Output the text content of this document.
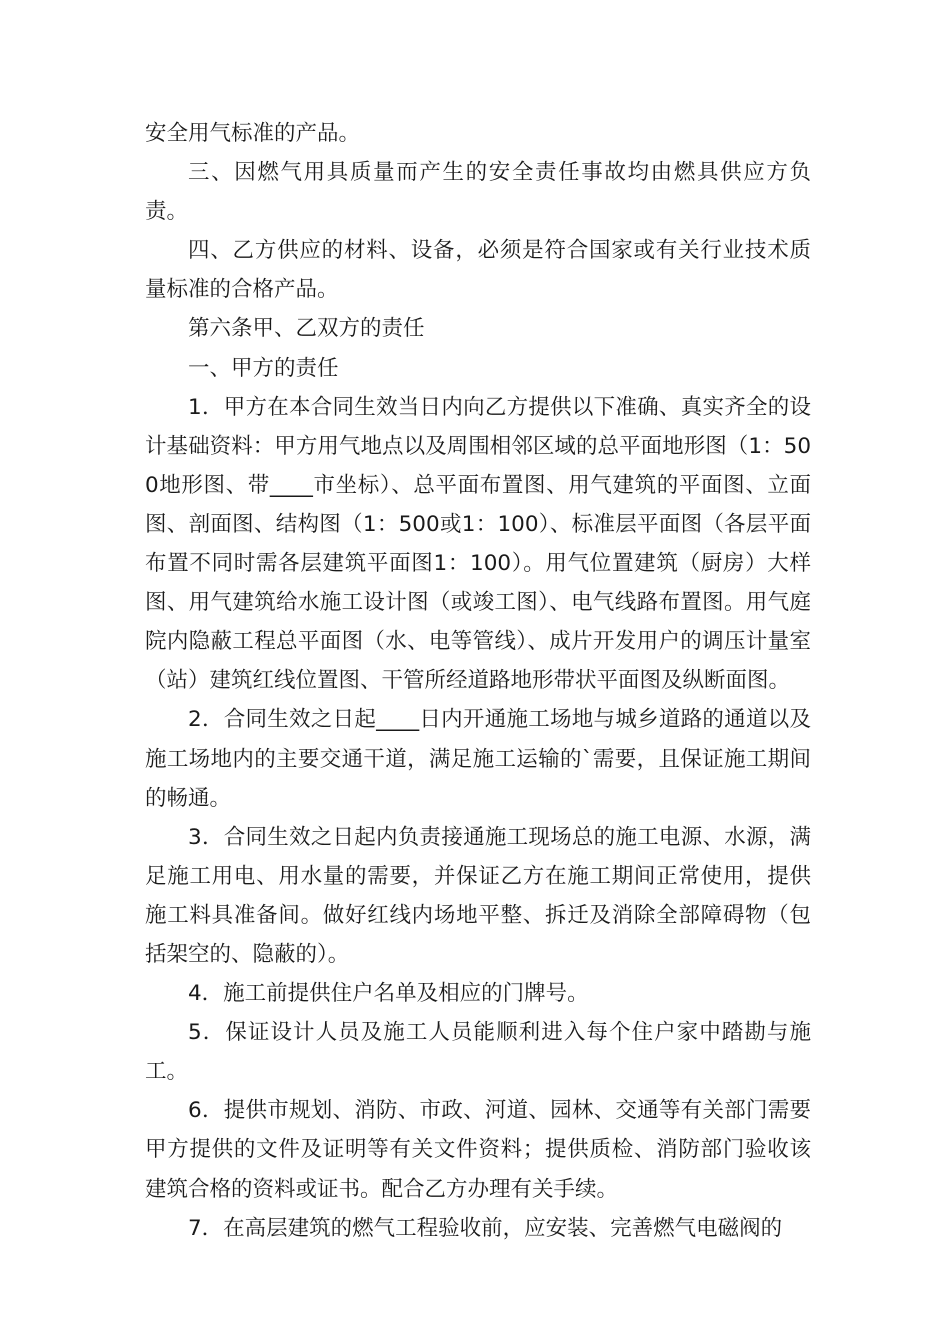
安全用气标准的产品。

三、因燃气用具质量而产生的安全责任事故均由燃具供应方负责。

四、乙方供应的材料、设备，必须是符合国家或有关行业技术质量标准的合格产品。

第六条甲、乙双方的责任

一、甲方的责任

1．甲方在本合同生效当日内向乙方提供以下准确、真实齐全的设计基础资料：甲方用气地点以及周围相邻区域的总平面地形图（1：500地形图、带____市坐标）、总平面布置图、用气建筑的平面图、立面图、剖面图、结构图（1：500或1：100）、标准层平面图（各层平面布置不同时需各层建筑平面图1：100）。用气位置建筑（厨房）大样图、用气建筑给水施工设计图（或竣工图）、电气线路布置图。用气庭院内隐蔽工程总平面图（水、电等管线）、成片开发用户的调压计量室（站）建筑红线位置图、干管所经道路地形带状平面图及纵断面图。

2．合同生效之日起____日内开通施工场地与城乡道路的通道以及施工场地内的主要交通干道，满足施工运输的`需要，且保证施工期间的畅通。

3．合同生效之日起内负责接通施工现场总的施工电源、水源，满足施工用电、用水量的需要，并保证乙方在施工期间正常使用，提供施工料具准备间。做好红线内场地平整、拆迁及消除全部障碍物（包括架空的、隐蔽的）。

4．施工前提供住户名单及相应的门牌号。

5．保证设计人员及施工人员能顺利进入每个住户家中踏勘与施工。

6．提供市规划、消防、市政、河道、园林、交通等有关部门需要甲方提供的文件及证明等有关文件资料；提供质检、消防部门验收该建筑合格的资料或证书。配合乙方办理有关手续。

7．在高层建筑的燃气工程验收前，应安装、完善燃气电磁阀的
